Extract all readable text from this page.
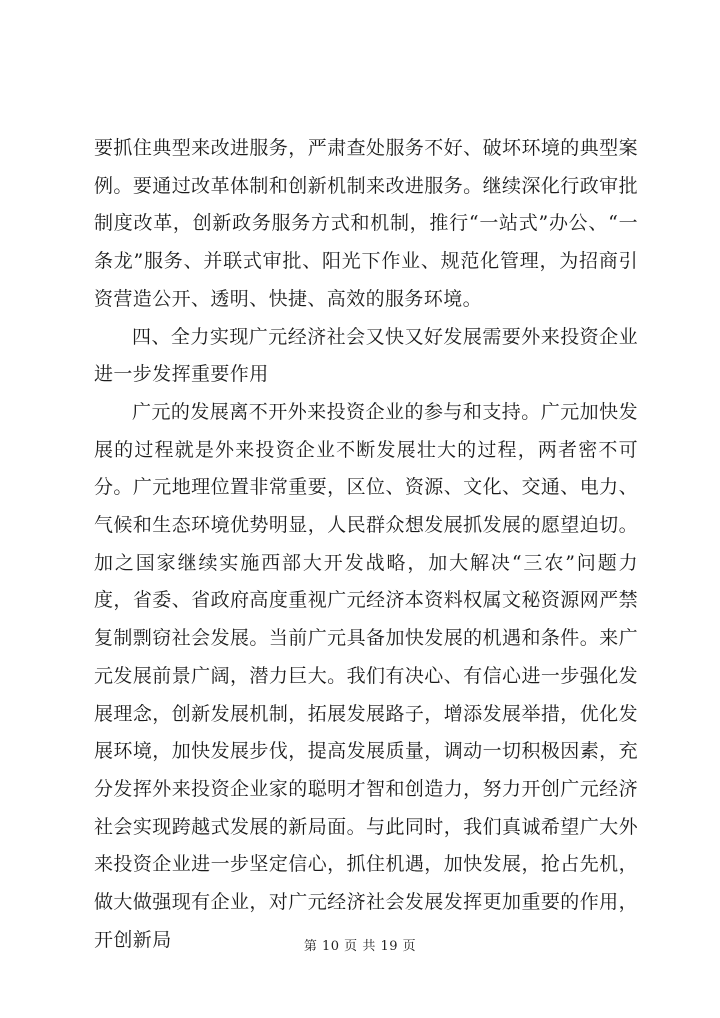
要抓住典型来改进服务，严肃查处服务不好、破坏环境的典型案例。要通过改革体制和创新机制来改进服务。继续深化行政审批制度改革，创新政务服务方式和机制，推行“一站式”办公、“一条龙”服务、并联式审批、阳光下作业、规范化管理，为招商引资营造公开、透明、快捷、高效的服务环境。

四、全力实现广元经济社会又快又好发展需要外来投资企业进一步发挥重要作用

广元的发展离不开外来投资企业的参与和支持。广元加快发展的过程就是外来投资企业不断发展壮大的过程，两者密不可分。广元地理位置非常重要，区位、资源、文化、交通、电力、气候和生态环境优势明显，人民群众想发展抓发展的愿望迫切。加之国家继续实施西部大开发战略，加大解决“三农”问题力度，省委、省政府高度重视广元经济本资料权属文秘资源网严禁复制剽窃社会发展。当前广元具备加快发展的机遇和条件。来广元发展前景广阔，潜力巨大。我们有决心、有信心进一步强化发展理念，创新发展机制，拓展发展路子，增添发展举措，优化发展环境，加快发展步伐，提高发展质量，调动一切积极因素，充分发挥外来投资企业家的聪明才智和创造力，努力开创广元经济社会实现跨越式发展的新局面。与此同时，我们真诚希望广大外来投资企业进一步坚定信心，抓住机遇，加快发展，抢占先机，做大做强现有企业，对广元经济社会发展发挥更加重要的作用，开创新局	第 10 页 共 19 页
